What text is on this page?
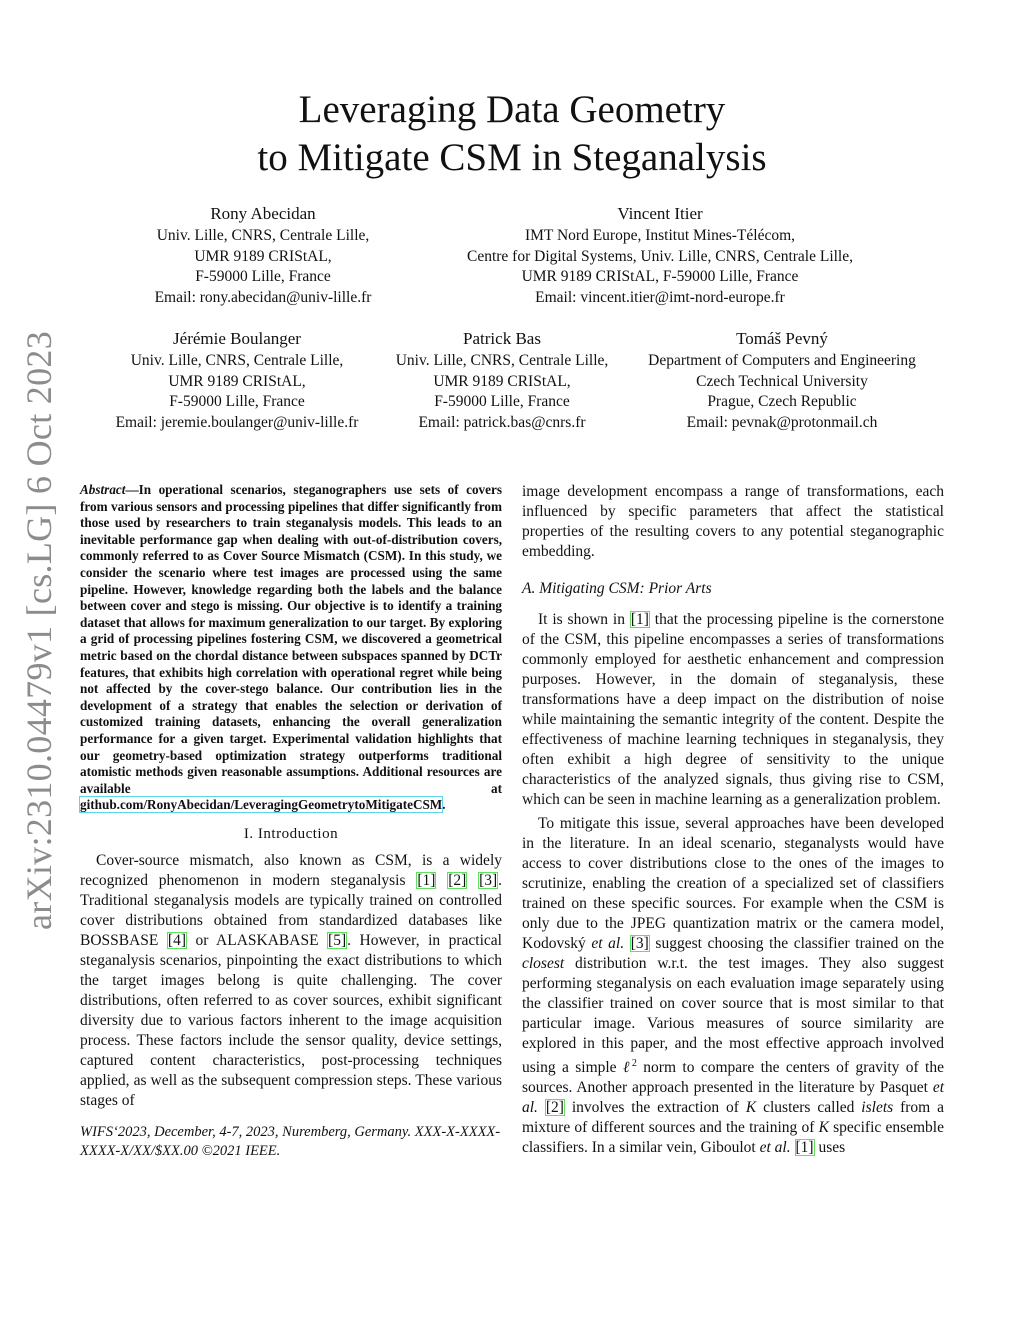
arXiv:2310.04479v1 [cs.LG] 6 Oct 2023
Leveraging Data Geometry
to Mitigate CSM in Steganalysis
Rony Abecidan
Univ. Lille, CNRS, Centrale Lille,
UMR 9189 CRIStAL,
F-59000 Lille, France
Email: rony.abecidan@univ-lille.fr
Vincent Itier
IMT Nord Europe, Institut Mines-Télécom,
Centre for Digital Systems, Univ. Lille, CNRS, Centrale Lille,
UMR 9189 CRIStAL, F-59000 Lille, France
Email: vincent.itier@imt-nord-europe.fr
Jérémie Boulanger
Univ. Lille, CNRS, Centrale Lille,
UMR 9189 CRIStAL,
F-59000 Lille, France
Email: jeremie.boulanger@univ-lille.fr
Patrick Bas
Univ. Lille, CNRS, Centrale Lille,
UMR 9189 CRIStAL,
F-59000 Lille, France
Email: patrick.bas@cnrs.fr
Tomáš Pevný
Department of Computers and Engineering
Czech Technical University
Prague, Czech Republic
Email: pevnak@protonmail.ch

Abstract—In operational scenarios, steganographers use sets of covers from various sensors and processing pipelines that differ significantly from those used by researchers to train steganalysis models. This leads to an inevitable performance gap when dealing with out-of-distribution covers, commonly referred to as Cover Source Mismatch (CSM). In this study, we consider the scenario where test images are processed using the same pipeline. However, knowledge regarding both the labels and the balance between cover and stego is missing. Our objective is to identify a training dataset that allows for maximum generalization to our target. By exploring a grid of processing pipelines fostering CSM, we discovered a geometrical metric based on the chordal distance between subspaces spanned by DCTr features, that exhibits high correlation with operational regret while being not affected by the cover-stego balance. Our contribution lies in the development of a strategy that enables the selection or derivation of customized training datasets, enhancing the overall generalization performance for a given target. Experimental validation highlights that our geometry-based optimization strategy outperforms traditional atomistic methods given reasonable assumptions. Additional resources are available at github.com/RonyAbecidan/LeveragingGeometrytoMitigateCSM.

I. Introduction

Cover-source mismatch, also known as CSM, is a widely recognized phenomenon in modern steganalysis [1] [2] [3]. Traditional steganalysis models are typically trained on controlled cover distributions obtained from standardized databases like BOSSBASE [4] or ALASKABASE [5]. However, in practical steganalysis scenarios, pinpointing the exact distributions to which the target images belong is quite challenging. The cover distributions, often referred to as cover sources, exhibit significant diversity due to various factors inherent to the image acquisition process. These factors include the sensor quality, device settings, captured content characteristics, post-processing techniques applied, as well as the subsequent compression steps. These various stages of

WIFS‘2023, December, 4-7, 2023, Nuremberg, Germany. XXX-X-XXXX-XXXX-X/XX/$XX.00 ©2021 IEEE.

image development encompass a range of transformations, each influenced by specific parameters that affect the statistical properties of the resulting covers to any potential steganographic embedding.

A. Mitigating CSM: Prior Arts

It is shown in [1] that the processing pipeline is the cornerstone of the CSM, this pipeline encompasses a series of transformations commonly employed for aesthetic enhancement and compression purposes. However, in the domain of steganalysis, these transformations have a deep impact on the distribution of noise while maintaining the semantic integrity of the content. Despite the effectiveness of machine learning techniques in steganalysis, they often exhibit a high degree of sensitivity to the unique characteristics of the analyzed signals, thus giving rise to CSM, which can be seen in machine learning as a generalization problem.

To mitigate this issue, several approaches have been developed in the literature. In an ideal scenario, steganalysts would have access to cover distributions close to the ones of the images to scrutinize, enabling the creation of a specialized set of classifiers trained on these specific sources. For example when the CSM is only due to the JPEG quantization matrix or the camera model, Kodovský et al. [3] suggest choosing the classifier trained on the closest distribution w.r.t. the test images. They also suggest performing steganalysis on each evaluation image separately using the classifier trained on cover source that is most similar to that particular image. Various measures of source similarity are explored in this paper, and the most effective approach involved using a simple ℓ$^2$ norm to compare the centers of gravity of the sources. Another approach presented in the literature by Pasquet et al. [2] involves the extraction of K clusters called islets from a mixture of different sources and the training of K specific ensemble classifiers. In a similar vein, Giboulot et al. [1] uses
